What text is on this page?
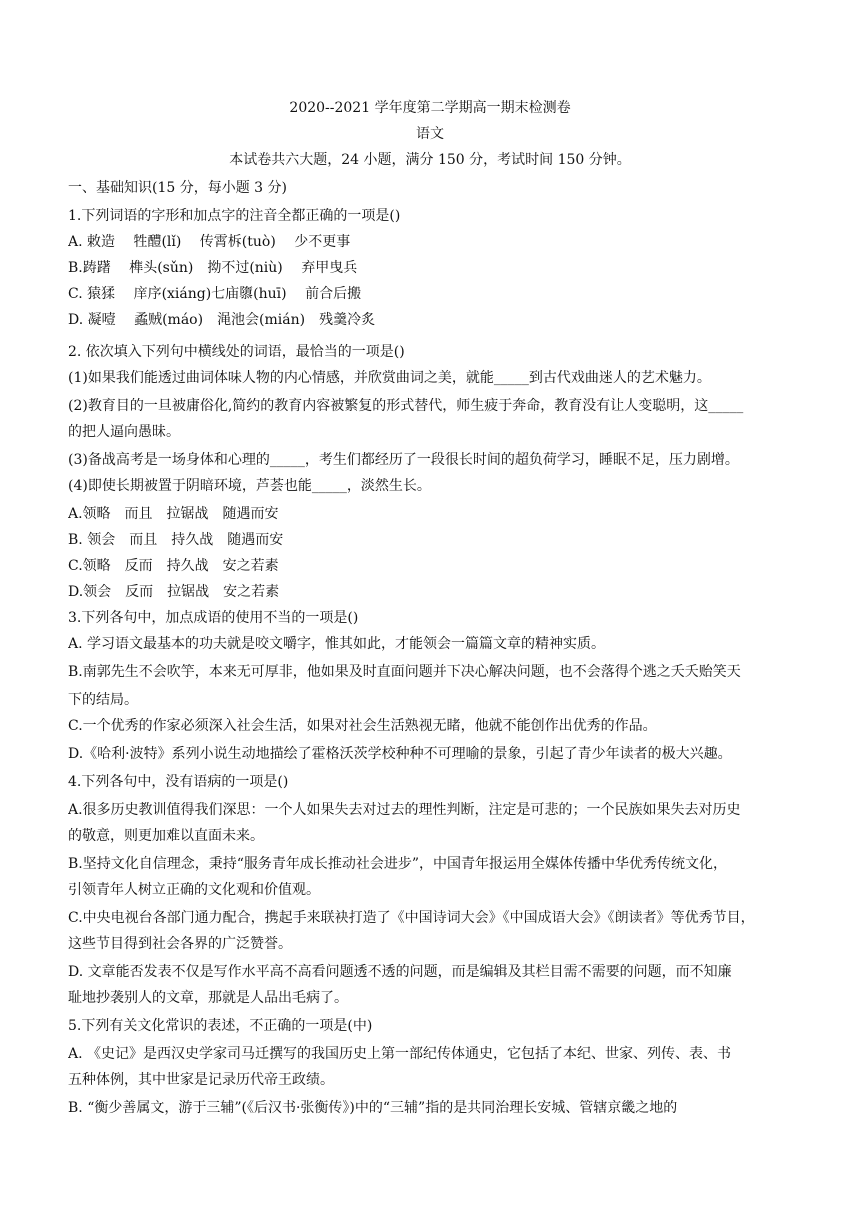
2020--2021 学年度第二学期高一期末检测卷
语文
本试卷共六大题，24 小题，满分 150 分，考试时间 150 分钟。
一、基础知识(15 分，每小题 3 分)
1.下列词语的字形和加点字的注音全都正确的一项是()
A. 敕造　 牲醴(lǐ)　 传霄柝(tuò)　 少不更事
B.踌躇　 榫头(sǔn)　拗不过(niù)　 弃甲曳兵
C. 猿猱　 庠序(xiáng)七庙隳(huī)　 前合后搬
D. 凝噎　 蟊贼(máo)　渑池会(mián)　残羹冷炙
2. 依次填入下列句中横线处的词语，最恰当的一项是()
(1)如果我们能透过曲词体味人物的内心情感，并欣赏曲词之美，就能_____到古代戏曲迷人的艺术魅力。
(2)教育目的一旦被庸俗化,简约的教育内容被繁复的形式替代，师生疲于奔命，教育没有让人变聪明，这_____
的把人逼向愚昧。
(3)备战高考是一场身体和心理的_____，考生们都经历了一段很长时间的超负荷学习，睡眠不足，压力剧增。
(4)即使长期被置于阴暗环境，芦荟也能_____，淡然生长。
A.领略　而且　拉锯战　随遇而安
B. 领会　而且　持久战　随遇而安
C.领略　反而　持久战　安之若素
D.领会　反而　拉锯战　安之若素
3.下列各句中，加点成语的使用不当的一项是()
A. 学习语文最基本的功夫就是咬文嚼字，惟其如此，才能领会一篇篇文章的精神实质。
B.南郭先生不会吹竽，本来无可厚非，他如果及时直面问题并下决心解决问题，也不会落得个逃之夭夭贻笑天
下的结局。
C.一个优秀的作家必须深入社会生活，如果对社会生活熟视无睹，他就不能创作出优秀的作品。
D.《哈利·波特》系列小说生动地描绘了霍格沃茨学校种种不可理喻的景象，引起了青少年读者的极大兴趣。
4.下列各句中，没有语病的一项是()
A.很多历史教训值得我们深思：一个人如果失去对过去的理性判断，注定是可悲的；一个民族如果失去对历史
的敬意，则更加难以直面未来。
B.坚持文化自信理念，秉持“服务青年成长推动社会进步”，中国青年报运用全媒体传播中华优秀传统文化，
引领青年人树立正确的文化观和价值观。
C.中央电视台各部门通力配合，携起手来联袂打造了《中国诗词大会》《中国成语大会》《朗读者》等优秀节目，
这些节目得到社会各界的广泛赞誉。
D. 文章能否发表不仅是写作水平高不高看问题透不透的问题，而是编辑及其栏目需不需要的问题，而不知廉
耻地抄袭别人的文章，那就是人品出毛病了。
5.下列有关文化常识的表述，不正确的一项是(中)
A. 《史记》是西汉史学家司马迁撰写的我国历史上第一部纪传体通史，它包括了本纪、世家、列传、表、书
五种体例，其中世家是记录历代帝王政绩。
B. “衡少善属文，游于三辅”(《后汉书·张衡传》)中的“三辅”指的是共同治理长安城、管辖京畿之地的
